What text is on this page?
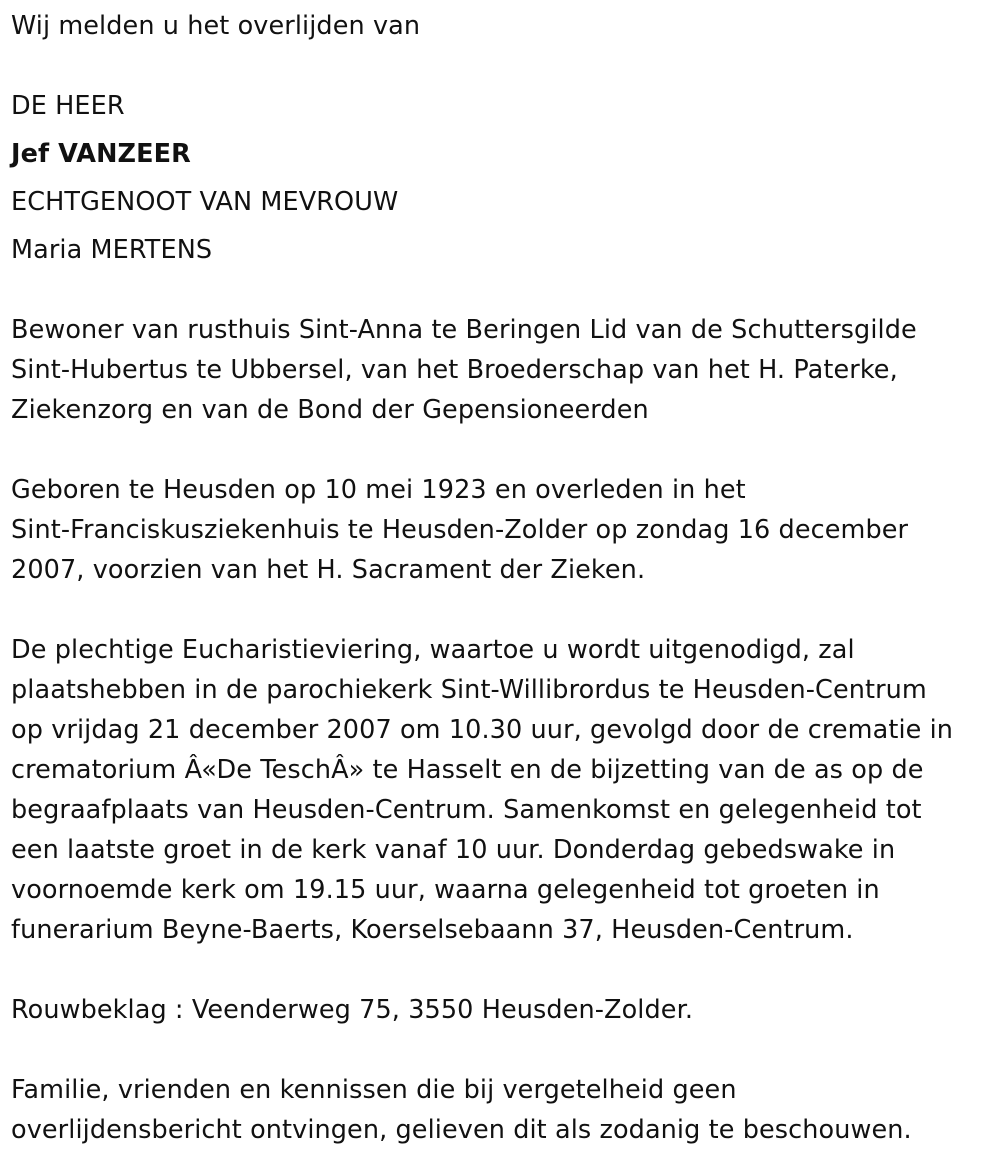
Wij melden u het overlijden van
DE HEER
Jef VANZEER
ECHTGENOOT VAN MEVROUW
Maria MERTENS
Bewoner van rusthuis Sint-Anna te Beringen Lid van de Schuttersgilde
Sint-Hubertus te Ubbersel, van het Broederschap van het H. Paterke,
Ziekenzorg en van de Bond der Gepensioneerden
Geboren te Heusden op 10 mei 1923 en overleden in het
Sint-Franciskusziekenhuis te Heusden-Zolder op zondag 16 december
2007, voorzien van het H. Sacrament der Zieken.
De plechtige Eucharistieviering, waartoe u wordt uitgenodigd, zal
plaatshebben in de parochiekerk Sint-Willibrordus te Heusden-Centrum
op vrijdag 21 december 2007 om 10.30 uur, gevolgd door de crematie in
crematorium Â«De TeschÂ» te Hasselt en de bijzetting van de as op de
begraafplaats van Heusden-Centrum. Samenkomst en gelegenheid tot
een laatste groet in de kerk vanaf 10 uur. Donderdag gebedswake in
voornoemde kerk om 19.15 uur, waarna gelegenheid tot groeten in
funerarium Beyne-Baerts, Koerselsebaann 37, Heusden-Centrum.
Rouwbeklag : Veenderweg 75, 3550 Heusden-Zolder.
Familie, vrienden en kennissen die bij vergetelheid geen
overlijdensbericht ontvingen, gelieven dit als zodanig te beschouwen.
